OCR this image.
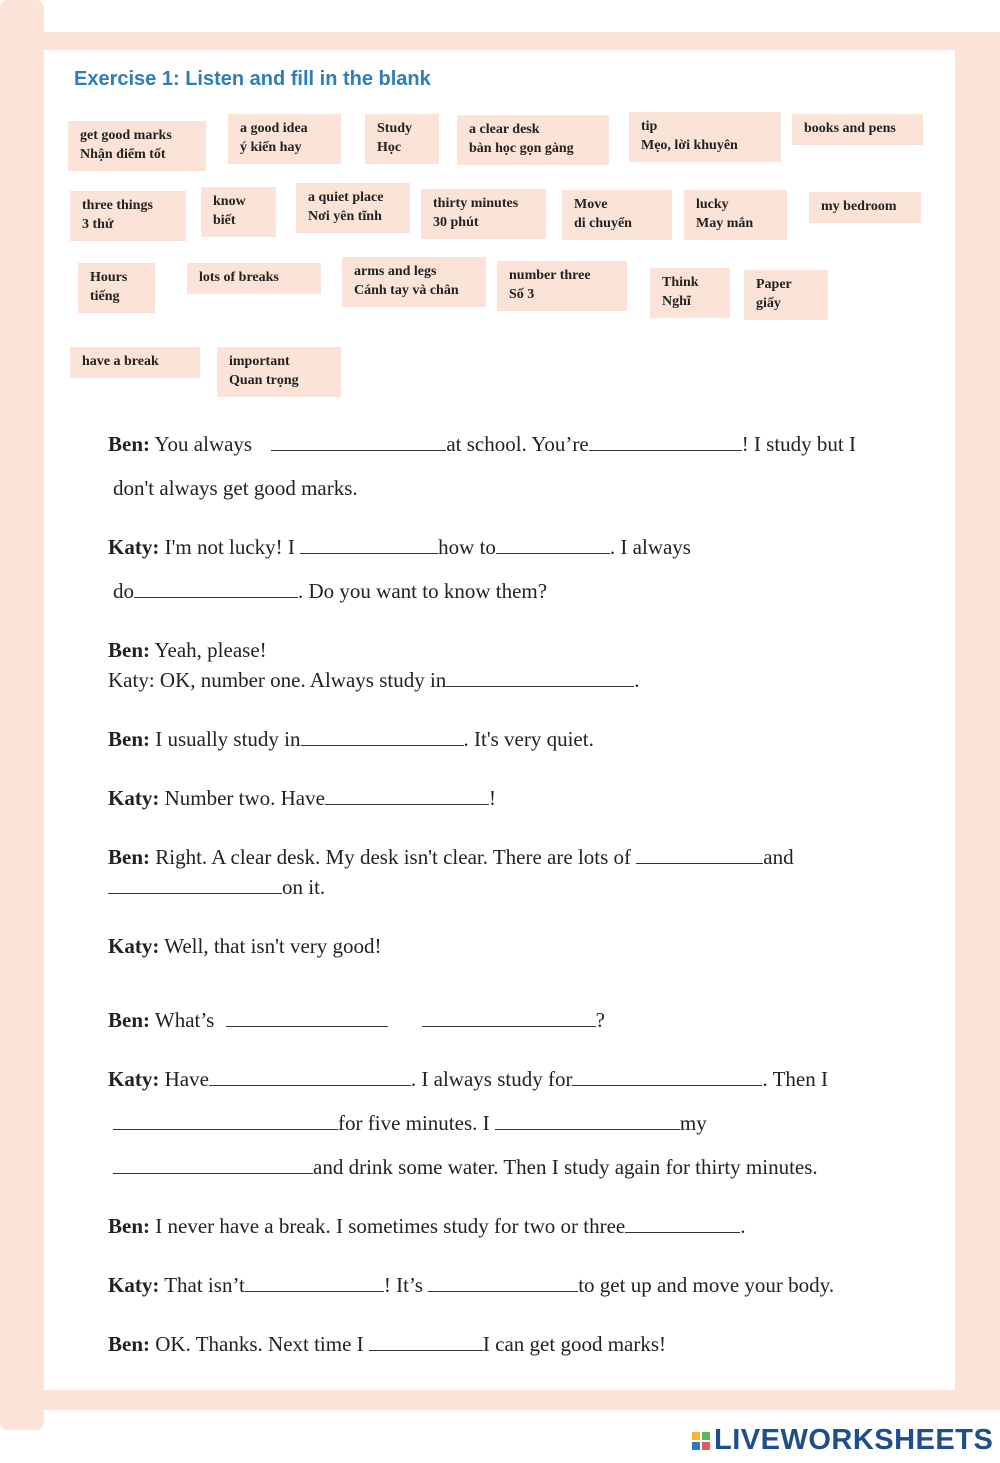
Exercise 1: Listen and fill in the blank
get good marks
Nhận điểm tốt
a good idea
ý kiến hay
Study
Học
a clear desk
bàn học gọn gàng
tip
Mẹo, lời khuyên
books and pens
three things
3 thứ
know
biết
a quiet place
Nơi yên tĩnh
thirty minutes
30 phút
Move
di chuyển
lucky
May mắn
my bedroom
Hours
tiếng
lots of breaks	arms and legs
Cánh tay và chân
number three
Số 3
Think
Nghĩ
Paper
giấy
have a break	important
Quan trọng
Ben: You always	at school. You’re	! I study but I
don't always get good marks.
Katy: I'm not lucky! I	how to	. I always
do	. Do you want to know them?
Ben: Yeah, please!
Katy: OK, number one. Always study in	.
Ben: I usually study in	. It's very quiet.
Katy: Number two. Have	!
Ben: Right. A clear desk. My desk isn't clear. There are lots of	and
on it.
Katy: Well, that isn't very good!
Ben: What’s	?
Katy: Have	. I always study for	. Then I
for five minutes. I	my
and drink some water. Then I study again for thirty minutes.
Ben: I never have a break. I sometimes study for two or three	.
Katy: That isn’t	! It’s	to get up and move your body.
Ben: OK. Thanks. Next time I	I can get good marks!
LIVEWORKSHEETS
